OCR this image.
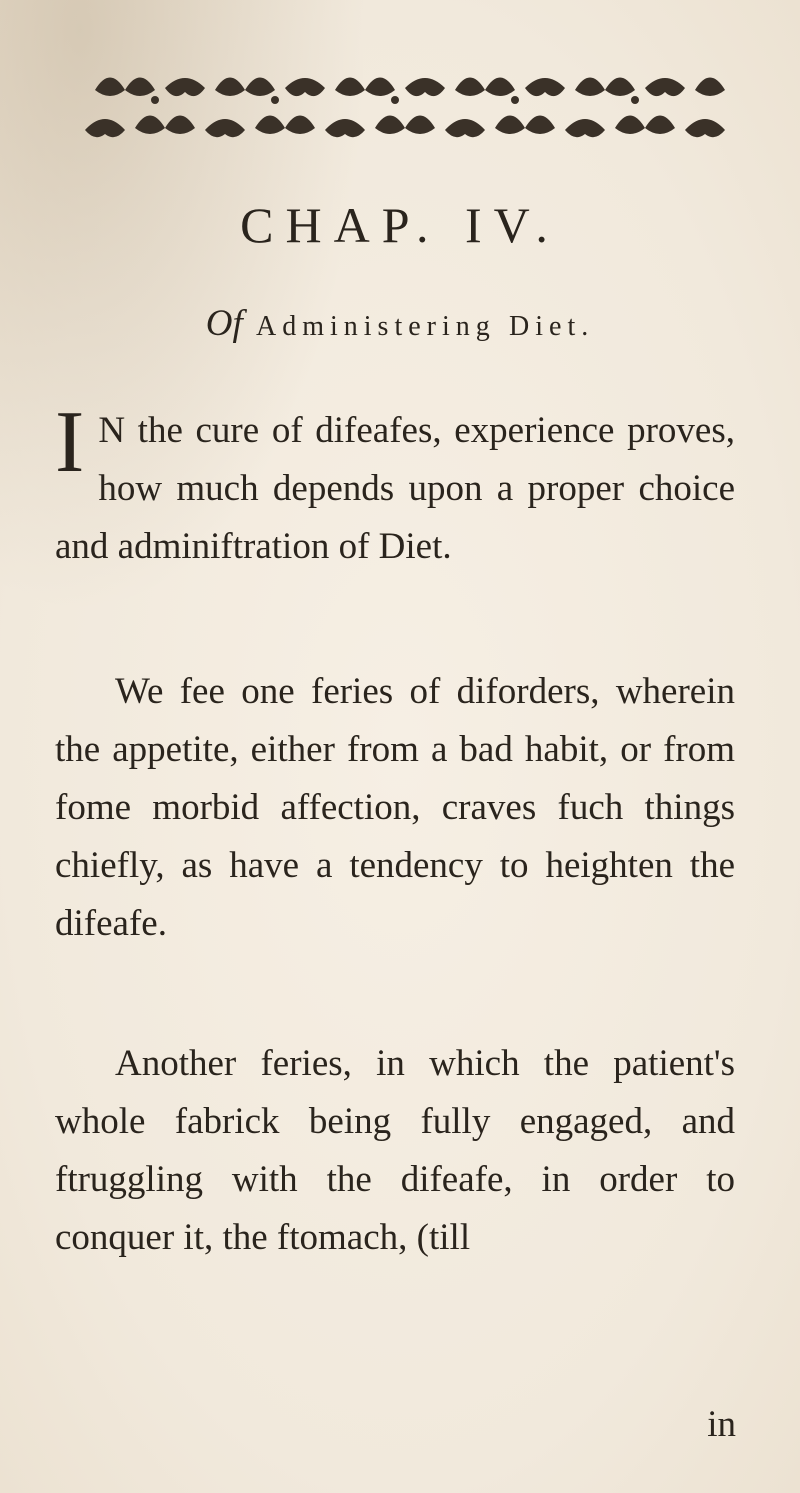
CHAP. IV.
Of Administering Diet.
I N the cure of difeafes, experience proves, how much depends upon a proper choice and adminiftration of Diet.
We fee one feries of diforders, wherein the appetite, either from a bad habit, or from fome morbid affection, craves fuch things chiefly, as have a tendency to heighten the difeafe.
Another feries, in which the patient's whole fabrick being fully engaged, and ftruggling with the difeafe, in order to conquer it, the ftomach, (till
in
